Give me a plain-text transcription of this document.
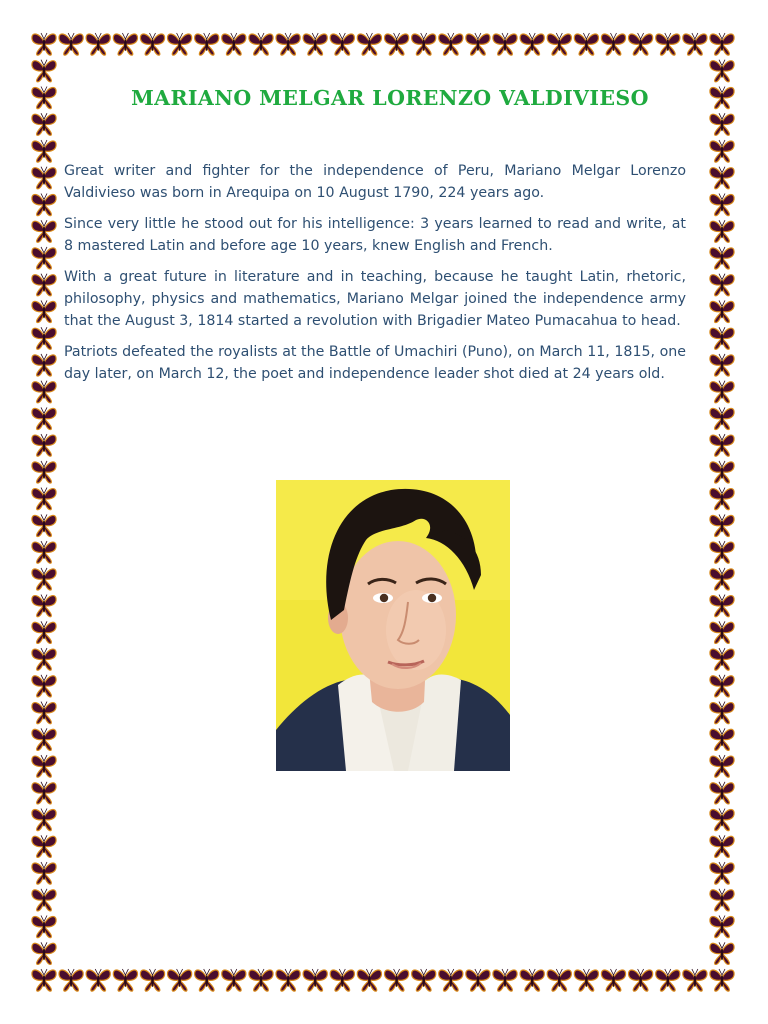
MARIANO MELGAR LORENZO VALDIVIESO

Great writer and fighter for the independence of Peru, Mariano Melgar Lorenzo Valdivieso was born in Arequipa on 10 August 1790, 224 years ago.

Since very little he stood out for his intelligence: 3 years learned to read and write, at 8 mastered Latin and before age 10 years, knew English and French.

With a great future in literature and in teaching, because he taught Latin, rhetoric, philosophy, physics and mathematics, Mariano Melgar joined the independence army that the August 3, 1814 started a revolution with Brigadier Mateo Pumacahua to head.

Patriots defeated the royalists at the Battle of Umachiri (Puno), on March 11, 1815, one day later, on March 12, the poet and independence leader shot died at 24 years old.
